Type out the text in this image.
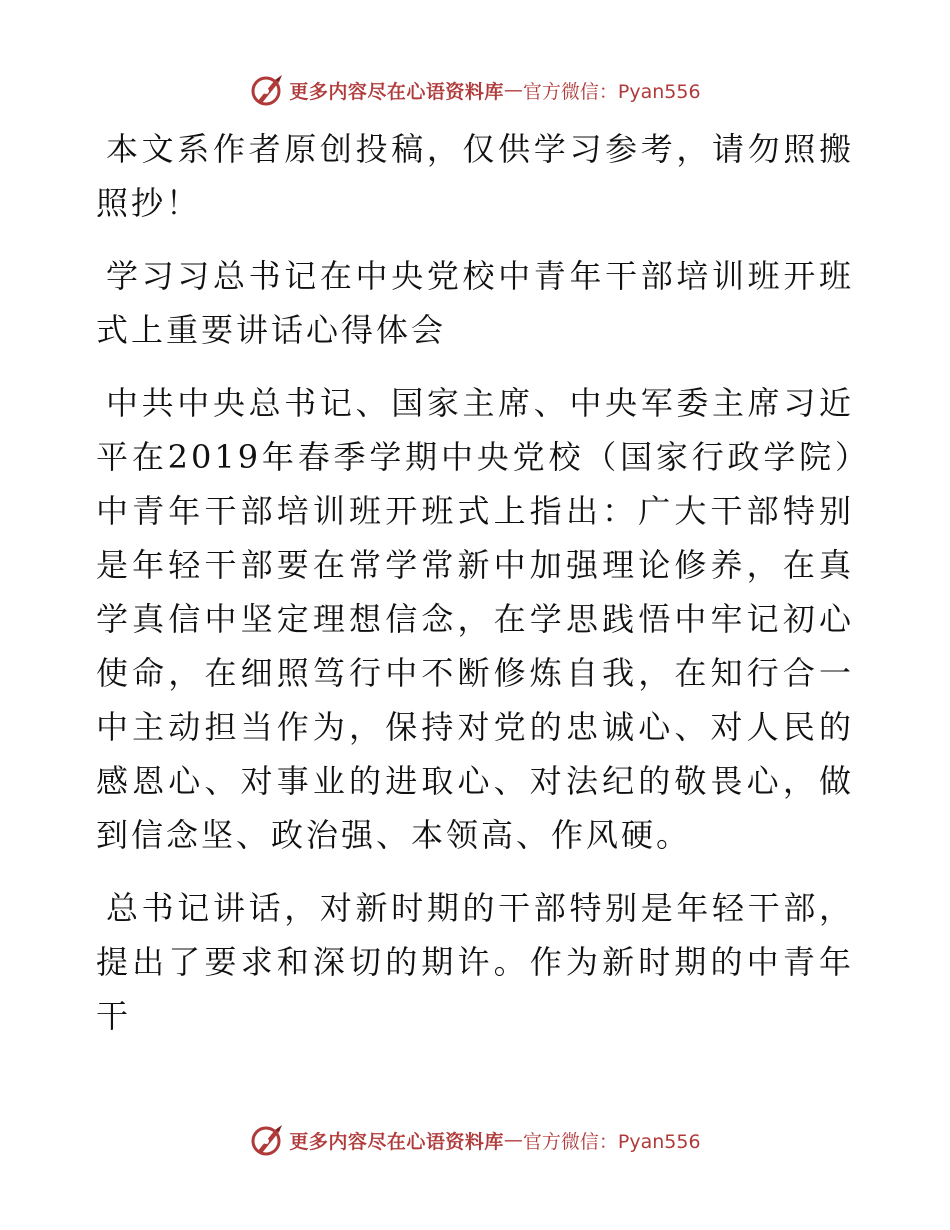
更多内容尽在心语资料库 — 官方微信：Pyan556

本文系作者原创投稿，仅供学习参考，请勿照搬照抄！

学习习总书记在中央党校中青年干部培训班开班式上重要讲话心得体会

中共中央总书记、国家主席、中央军委主席习近平在2019年春季学期中央党校（国家行政学院）中青年干部培训班开班式上指出：广大干部特别是年轻干部要在常学常新中加强理论修养，在真学真信中坚定理想信念，在学思践悟中牢记初心使命，在细照笃行中不断修炼自我，在知行合一中主动担当作为，保持对党的忠诚心、对人民的感恩心、对事业的进取心、对法纪的敬畏心，做到信念坚、政治强、本领高、作风硬。

总书记讲话，对新时期的干部特别是年轻干部，提出了要求和深切的期许。作为新时期的中青年干

更多内容尽在心语资料库 — 官方微信：Pyan556
